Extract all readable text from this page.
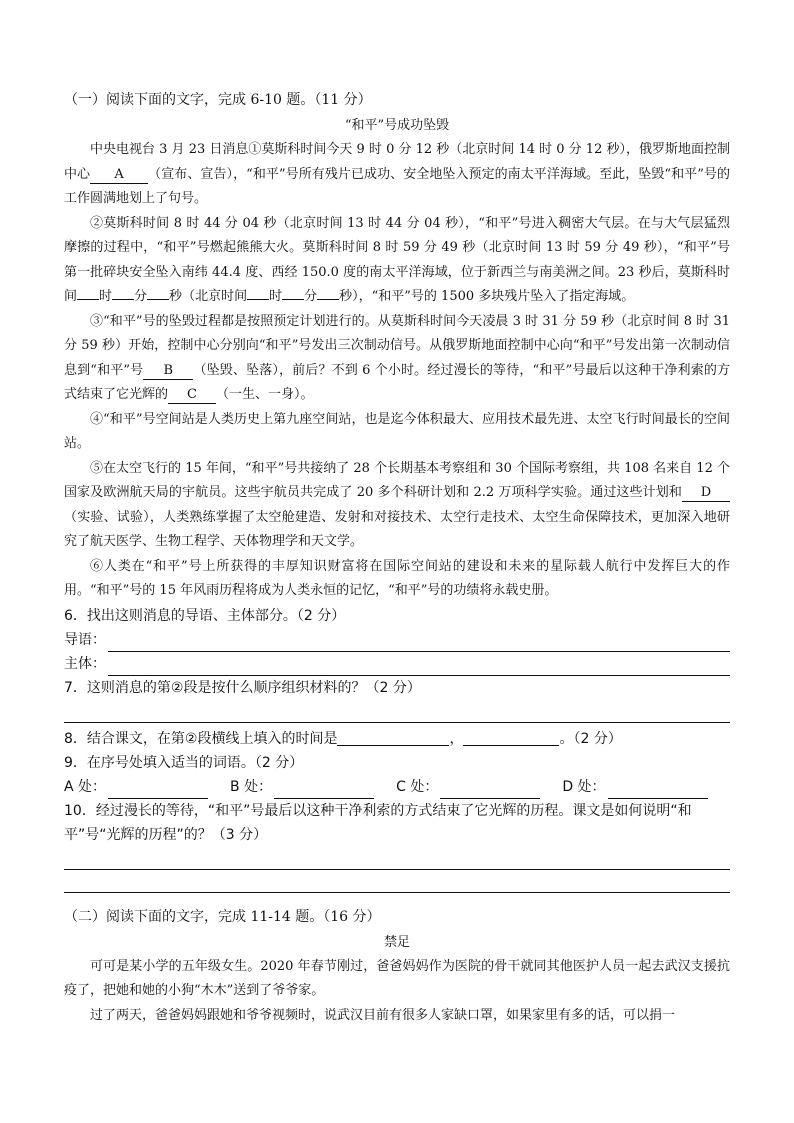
（一）阅读下面的文字，完成 6-10 题。（11 分）

“和平”号成功坠毁

中央电视台 3 月 23 日消息①莫斯科时间今天 9 时 0 分 12 秒（北京时间 14 时 0 分 12 秒），俄罗斯地面控制中心 A （宣布、宣告），“和平”号所有残片已成功、安全地坠入预定的南太平洋海域。至此，坠毁“和平”号的工作圆满地划上了句号。

②莫斯科时间 8 时 44 分 04 秒（北京时间 13 时 44 分 04 秒），“和平”号进入稠密大气层。在与大气层猛烈摩擦的过程中，“和平”号燃起熊熊大火。莫斯科时间 8 时 59 分 49 秒（北京时间 13 时 59 分 49 秒），“和平”号第一批碎块安全坠入南纬 44.4 度、西经 150.0 度的南太平洋海域，位于新西兰与南美洲之间。23 秒后，莫斯科时间 时 分 秒（北京时间 时 分 秒），“和平”号的 1500 多块残片坠入了指定海域。

③“和平”号的坠毁过程都是按照预定计划进行的。从莫斯科时间今天凌晨 3 时 31 分 59 秒（北京时间 8 时 31 分 59 秒）开始，控制中心分别向“和平”号发出三次制动信号。从俄罗斯地面控制中心向“和平”号发出第一次制动信息到“和平”号 B （坠毁、坠落），前后？不到 6 个小时。经过漫长的等待，“和平”号最后以这种干净利索的方式结束了它光辉的 C （一生、一身）。

④“和平”号空间站是人类历史上第九座空间站，也是迄今体积最大、应用技术最先进、太空飞行时间最长的空间站。

⑤在太空飞行的 15 年间，“和平”号共接纳了 28 个长期基本考察组和 30 个国际考察组，共 108 名来自 12 个国家及欧洲航天局的宇航员。这些宇航员共完成了 20 多个科研计划和 2.2 万项科学实验。通过这些计划和 D（实验、试验），人类熟练掌握了太空舱建造、发射和对接技术、太空行走技术、太空生命保障技术，更加深入地研究了航天医学、生物工程学、天体物理学和天文学。

⑥人类在“和平”号上所获得的丰厚知识财富将在国际空间站的建设和未来的星际载人航行中发挥巨大的作用。“和平”号的 15 年风雨历程将成为人类永恒的记忆，“和平”号的功绩将永载史册。

6．找出这则消息的导语、主体部分。（2 分）

导语：
主体：

7．这则消息的第②段是按什么顺序组织材料的？（2 分）

8．结合课文，在第②段横线上填入的时间是	，	。（2 分）

9．在序号处填入适当的词语。（2 分）

A 处：	B 处：	C 处：	D 处：

10．经过漫长的等待，“和平”号最后以这种干净利索的方式结束了它光辉的历程。课文是如何说明“和平”号“光辉的历程”的？（3 分）

（二）阅读下面的文字，完成 11-14 题。（16 分）

禁足

可可是某小学的五年级女生。2020 年春节刚过，爸爸妈妈作为医院的骨干就同其他医护人员一起去武汉支援抗疫了，把她和她的小狗“木木”送到了爷爷家。

过了两天，爸爸妈妈跟她和爷爷视频时，说武汉目前有很多人家缺口罩，如果家里有多的话，可以捐一
